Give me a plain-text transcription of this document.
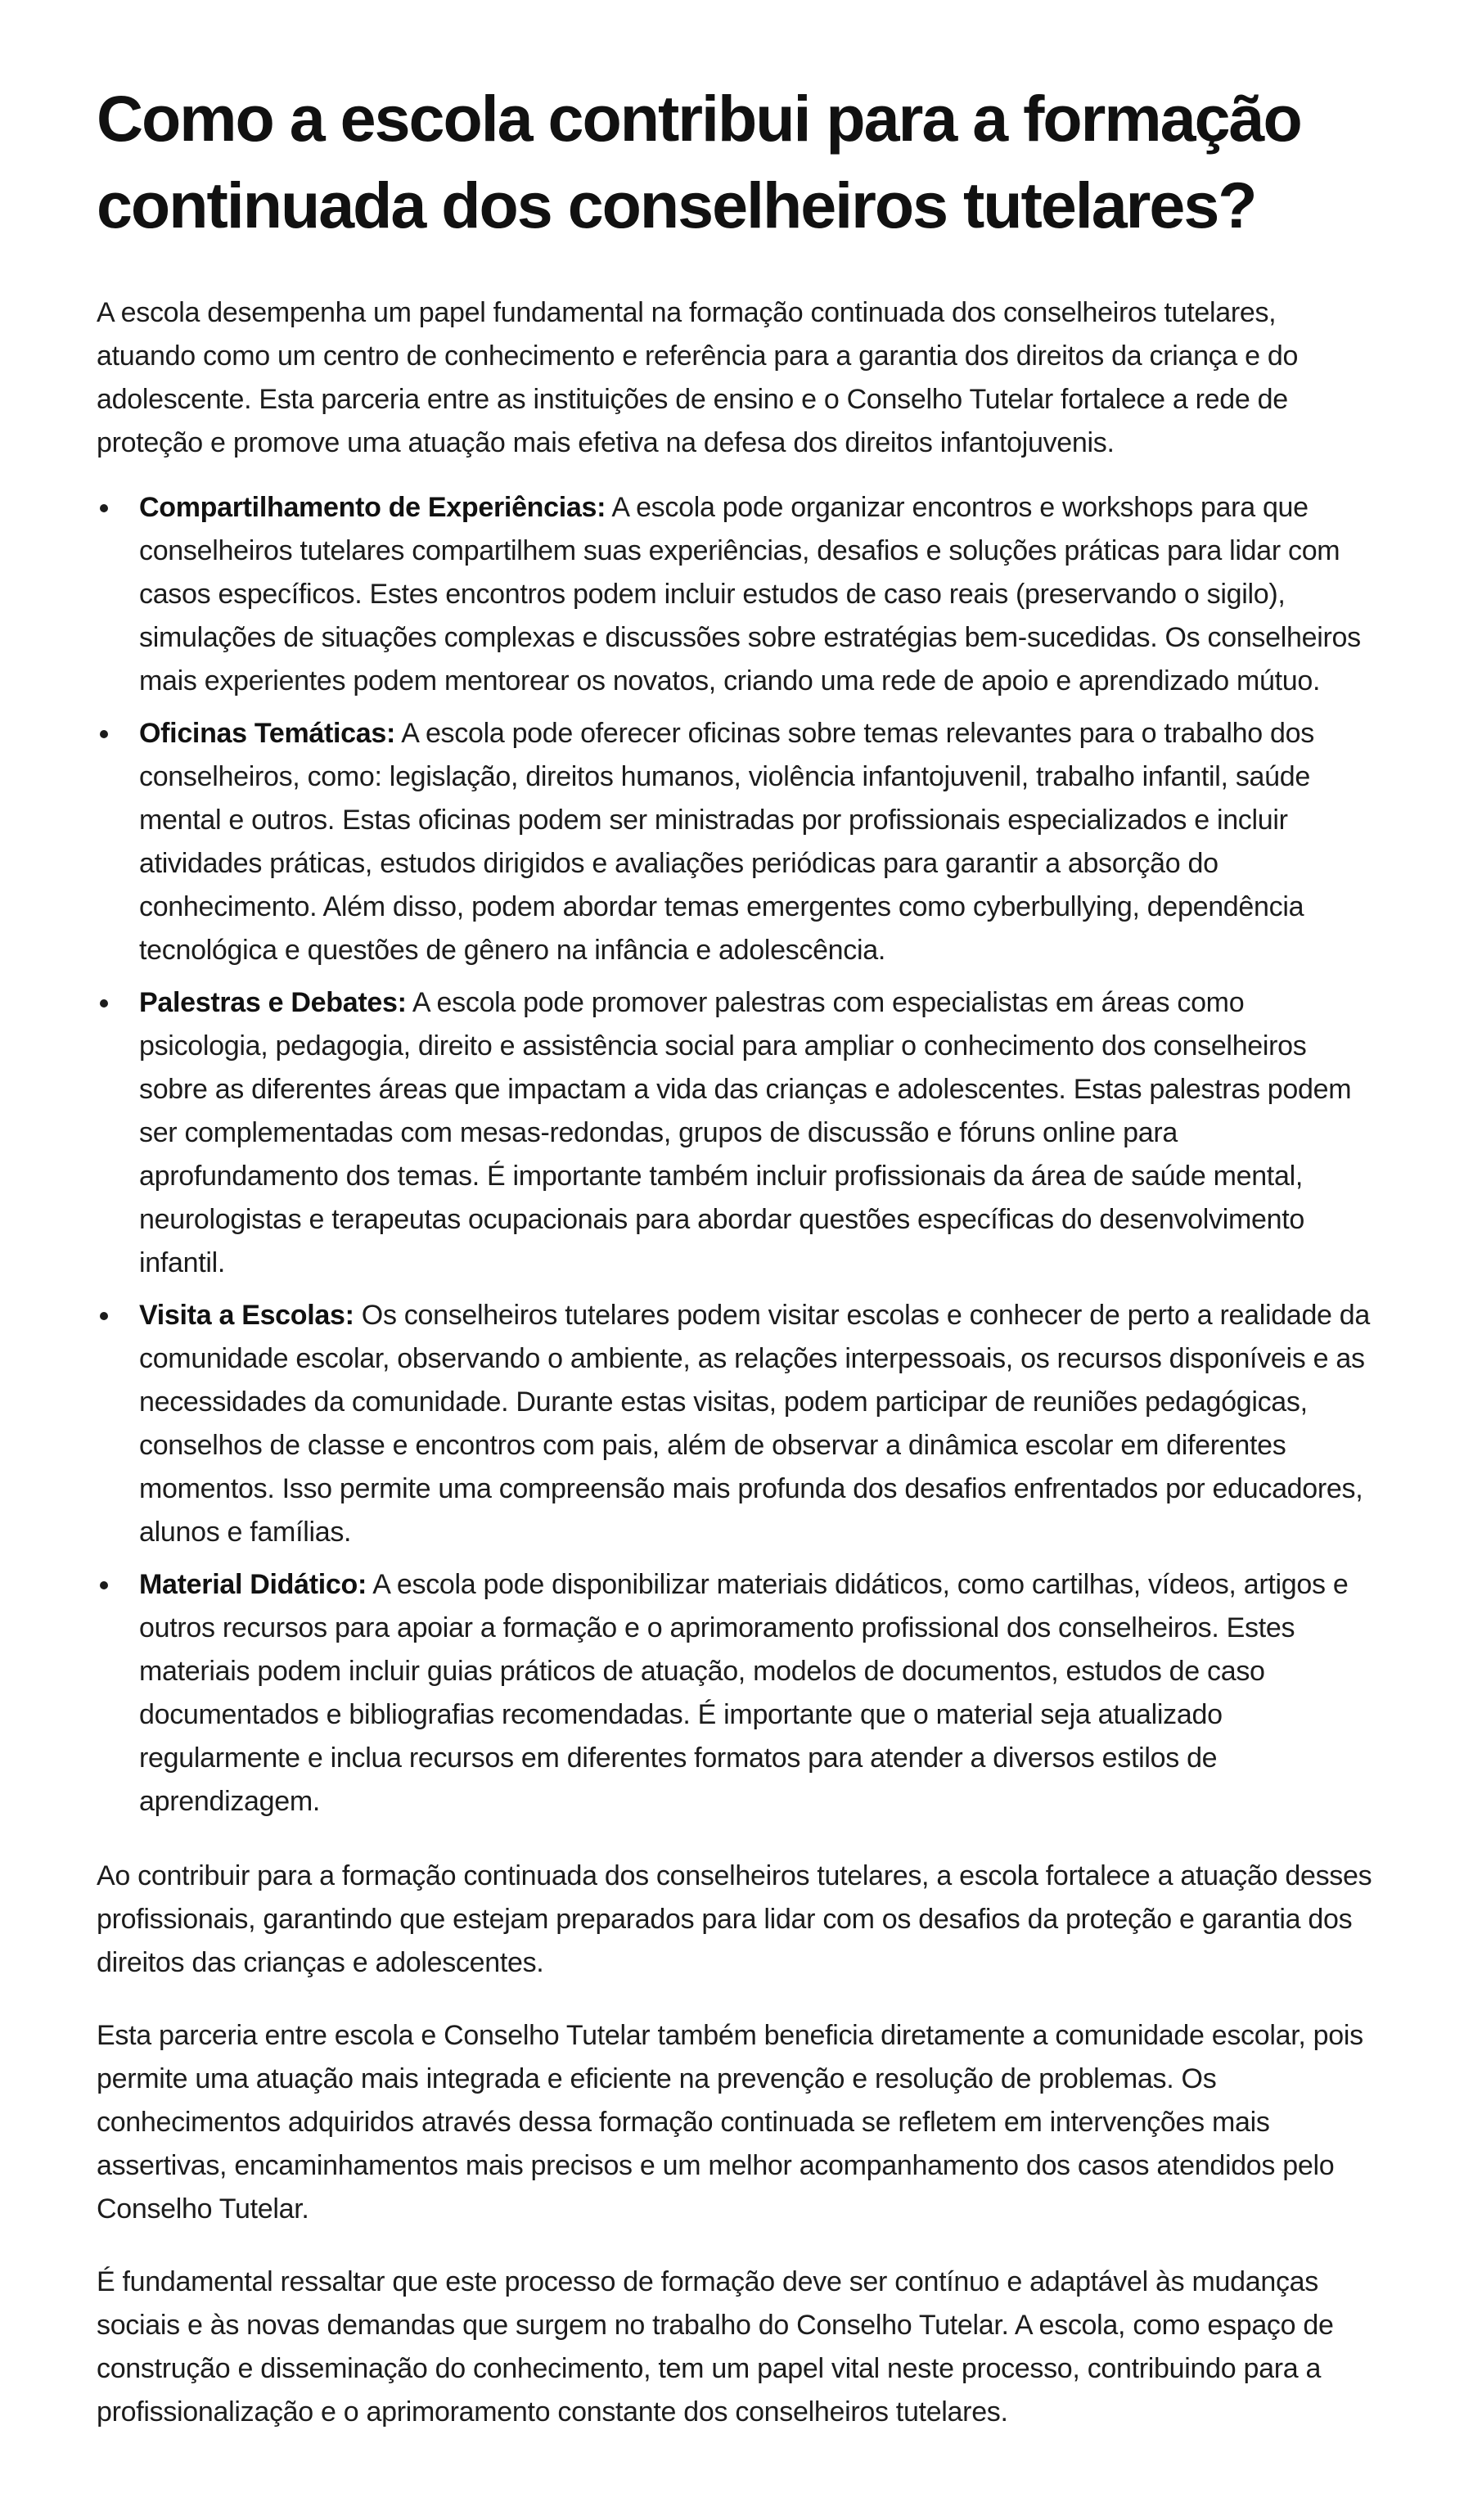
Como a escola contribui para a formação continuada dos conselheiros tutelares?

A escola desempenha um papel fundamental na formação continuada dos conselheiros tutelares, atuando como um centro de conhecimento e referência para a garantia dos direitos da criança e do adolescente. Esta parceria entre as instituições de ensino e o Conselho Tutelar fortalece a rede de proteção e promove uma atuação mais efetiva na defesa dos direitos infantojuvenis.

Compartilhamento de Experiências: A escola pode organizar encontros e workshops para que conselheiros tutelares compartilhem suas experiências, desafios e soluções práticas para lidar com casos específicos. Estes encontros podem incluir estudos de caso reais (preservando o sigilo), simulações de situações complexas e discussões sobre estratégias bem-sucedidas. Os conselheiros mais experientes podem mentorear os novatos, criando uma rede de apoio e aprendizado mútuo.
Oficinas Temáticas: A escola pode oferecer oficinas sobre temas relevantes para o trabalho dos conselheiros, como: legislação, direitos humanos, violência infantojuvenil, trabalho infantil, saúde mental e outros. Estas oficinas podem ser ministradas por profissionais especializados e incluir atividades práticas, estudos dirigidos e avaliações periódicas para garantir a absorção do conhecimento. Além disso, podem abordar temas emergentes como cyberbullying, dependência tecnológica e questões de gênero na infância e adolescência.
Palestras e Debates: A escola pode promover palestras com especialistas em áreas como psicologia, pedagogia, direito e assistência social para ampliar o conhecimento dos conselheiros sobre as diferentes áreas que impactam a vida das crianças e adolescentes. Estas palestras podem ser complementadas com mesas-redondas, grupos de discussão e fóruns online para aprofundamento dos temas. É importante também incluir profissionais da área de saúde mental, neurologistas e terapeutas ocupacionais para abordar questões específicas do desenvolvimento infantil.
Visita a Escolas: Os conselheiros tutelares podem visitar escolas e conhecer de perto a realidade da comunidade escolar, observando o ambiente, as relações interpessoais, os recursos disponíveis e as necessidades da comunidade. Durante estas visitas, podem participar de reuniões pedagógicas, conselhos de classe e encontros com pais, além de observar a dinâmica escolar em diferentes momentos. Isso permite uma compreensão mais profunda dos desafios enfrentados por educadores, alunos e famílias.
Material Didático: A escola pode disponibilizar materiais didáticos, como cartilhas, vídeos, artigos e outros recursos para apoiar a formação e o aprimoramento profissional dos conselheiros. Estes materiais podem incluir guias práticos de atuação, modelos de documentos, estudos de caso documentados e bibliografias recomendadas. É importante que o material seja atualizado regularmente e inclua recursos em diferentes formatos para atender a diversos estilos de aprendizagem.

Ao contribuir para a formação continuada dos conselheiros tutelares, a escola fortalece a atuação desses profissionais, garantindo que estejam preparados para lidar com os desafios da proteção e garantia dos direitos das crianças e adolescentes.

Esta parceria entre escola e Conselho Tutelar também beneficia diretamente a comunidade escolar, pois permite uma atuação mais integrada e eficiente na prevenção e resolução de problemas. Os conhecimentos adquiridos através dessa formação continuada se refletem em intervenções mais assertivas, encaminhamentos mais precisos e um melhor acompanhamento dos casos atendidos pelo Conselho Tutelar.

É fundamental ressaltar que este processo de formação deve ser contínuo e adaptável às mudanças sociais e às novas demandas que surgem no trabalho do Conselho Tutelar. A escola, como espaço de construção e disseminação do conhecimento, tem um papel vital neste processo, contribuindo para a profissionalização e o aprimoramento constante dos conselheiros tutelares.
